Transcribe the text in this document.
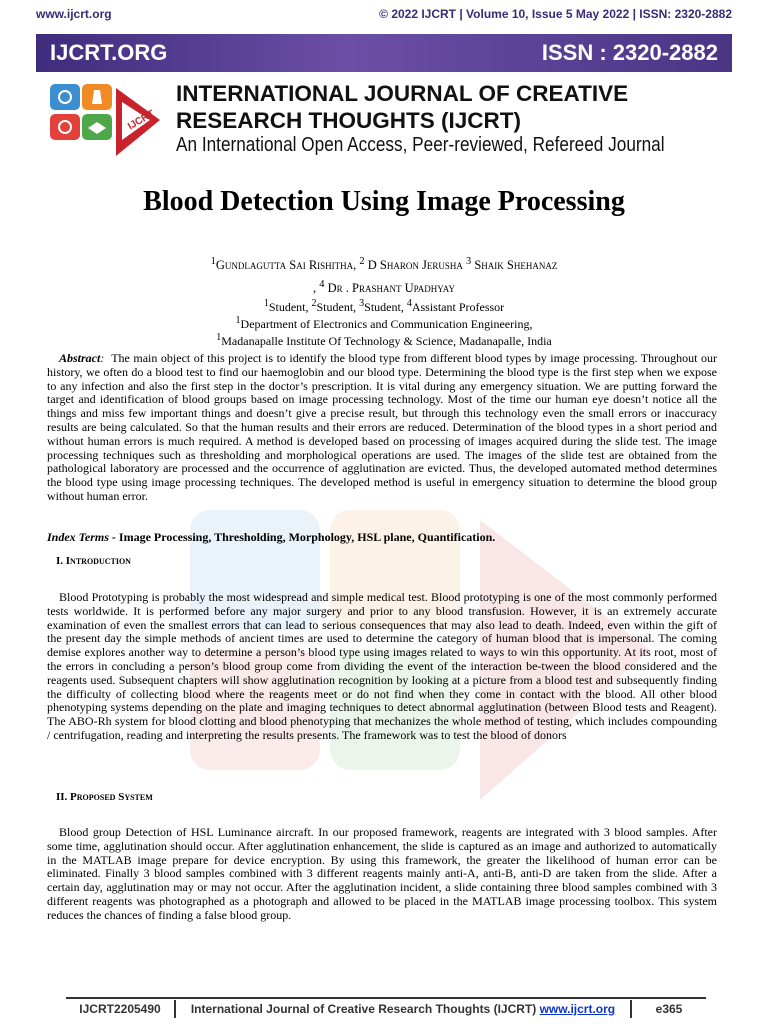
www.ijcrt.org	© 2022 IJCRT | Volume 10, Issue 5 May 2022 | ISSN: 2320-2882
IJCRT.ORG	ISSN : 2320-2882
IJCRT
INTERNATIONAL JOURNAL OF CREATIVE
RESEARCH THOUGHTS (IJCRT)
An International Open Access, Peer-reviewed, Refereed Journal
Blood Detection Using Image Processing
$^1$Gundlagutta Sai Rishitha, $^2$ D Sharon Jerusha $^3$ Shaik Shehanaz
, $^4$ Dr . Prashant Upadhyay
$^1$Student, $^2$Student, $^3$Student, $^4$Assistant Professor
$^1$Department of Electronics and Communication Engineering,
$^1$Madanapalle Institute Of Technology & Science, Madanapalle, India

Abstract: The main object of this project is to identify the blood type from different blood types by image processing. Throughout our history, we often do a blood test to find our haemoglobin and our blood type. Determining the blood type is the first step when we expose to any infection and also the first step in the doctor’s prescription. It is vital during any emergency situation. We are putting forward the target and identification of blood groups based on image processing technology. Most of the time our human eye doesn’t notice all the things and miss few important things and doesn’t give a precise result, but through this technology even the small errors or inaccuracy results are being calculated. So that the human results and their errors are reduced. Determination of the blood types in a short period and without human errors is much required. A method is developed based on processing of images acquired during the slide test. The image processing techniques such as thresholding and morphological operations are used. The images of the slide test are obtained from the pathological laboratory are processed and the occurrence of agglutination are evicted. Thus, the developed automated method determines the blood type using image processing techniques. The developed method is useful in emergency situation to determine the blood group without human error.

Index Terms - Image Processing, Thresholding, Morphology, HSL plane, Quantification.
I. Introduction

Blood Prototyping is probably the most widespread and simple medical test. Blood prototyping is one of the most commonly performed tests worldwide. It is performed before any major surgery and prior to any blood transfusion. However, it is an extremely accurate examination of even the smallest errors that can lead to serious consequences that may also lead to death. Indeed, even within the gift of the present day the simple methods of ancient times are used to determine the category of human blood that is impersonal. The coming demise explores another way to determine a person’s blood type using images related to ways to win this opportunity. At its root, most of the errors in concluding a person’s blood group come from dividing the event of the interaction be-tween the blood considered and the reagents used. Subsequent chapters will show agglutination recognition by looking at a picture from a blood test and subsequently finding the difficulty of collecting blood where the reagents meet or do not find when they come in contact with the blood. All other blood phenotyping systems depending on the plate and imaging techniques to detect abnormal agglutination (between Blood tests and Reagent). The ABO-Rh system for blood clotting and blood phenotyping that mechanizes the whole method of testing, which includes compounding / centrifugation, reading and interpreting the results presents. The framework was to test the blood of donors

II. Proposed System

Blood group Detection of HSL Luminance aircraft. In our proposed framework, reagents are integrated with 3 blood samples. After some time, agglutination should occur. After agglutination enhancement, the slide is captured as an image and authorized to automatically in the MATLAB image prepare for device encryption. By using this framework, the greater the likelihood of human error can be eliminated. Finally 3 blood samples combined with 3 different reagents mainly anti-A, anti-B, anti-D are taken from the slide. After a certain day, agglutination may or may not occur. After the agglutination incident, a slide containing three blood samples combined with 3 different reagents was photographed as a photograph and allowed to be placed in the MATLAB image processing toolbox. This system reduces the chances of finding a false blood group.

IJCRT2205490	International Journal of Creative Research Thoughts (IJCRT) www.ijcrt.org	e365
